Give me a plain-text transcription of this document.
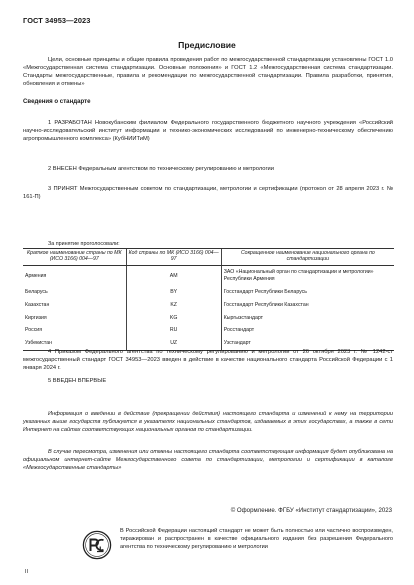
ГОСТ 34953—2023
Предисловие
Цели, основные принципы и общие правила проведения работ по межгосударственной стандартизации установлены ГОСТ 1.0 «Межгосударственная система стандартизации. Основные положения» и ГОСТ 1.2 «Межгосударственная система стандартизации. Стандарты межгосударственные, правила и рекомендации по межгосударственной стандартизации. Правила разработки, принятия, обновления и отмены»
Сведения о стандарте
1 РАЗРАБОТАН Новокубанским филиалом Федерального государственного бюджетного научного учреждения «Российский научно-исследовательский институт информации и технико-экономических исследований по инженерно-техническому обеспечению агропромышленного комплекса» (КубНИИТиМ)
2 ВНЕСЕН Федеральным агентством по техническому регулированию и метрологии
3 ПРИНЯТ Межгосударственным советом по стандартизации, метрологии и сертификации (протокол от 28 апреля 2023 г. № 161-П)
За принятие проголосовали:
Краткое наименование страны по МК (ИСО 3166) 004—97	Код страны по МК (ИСО 3166) 004—97	Сокращенное наименование национального органа по стандартизации
Армения	AM	ЗАО «Национальный орган по стандартизации и метрологии» Республики Армения
Беларусь	BY	Госстандарт Республики Беларусь
Казахстан	KZ	Госстандарт Республики Казахстан
Киргизия	KG	Кыргызстандарт
Россия	RU	Росстандарт
Узбекистан	UZ	Узстандарт
4 Приказом Федерального агентства по техническому регулированию и метрологии от 26 октября 2023 г. № 1242-ст межгосударственный стандарт ГОСТ 34953—2023 введен в действие в качестве национального стандарта Российской Федерации с 1 января 2024 г.
5 ВВЕДЕН ВПЕРВЫЕ
Информация о введении в действие (прекращении действия) настоящего стандарта и изменений к нему на территории указанных выше государств публикуется в указателях национальных стандартов, издаваемых в этих государствах, а также в сети Интернет на сайтах соответствующих национальных органов по стандартизации.
В случае пересмотра, изменения или отмены настоящего стандарта соответствующая информация будет опубликована на официальном интернет-сайте Межгосударственного совета по стандартизации, метрологии и сертификации в каталоге «Межгосударственные стандарты»
© Оформление. ФГБУ «Институт стандартизации», 2023
В Российской Федерации настоящий стандарт не может быть полностью или частично воспроизведен, тиражирован и распространен в качестве официального издания без разрешения Федерального агентства по техническому регулированию и метрологии
II
